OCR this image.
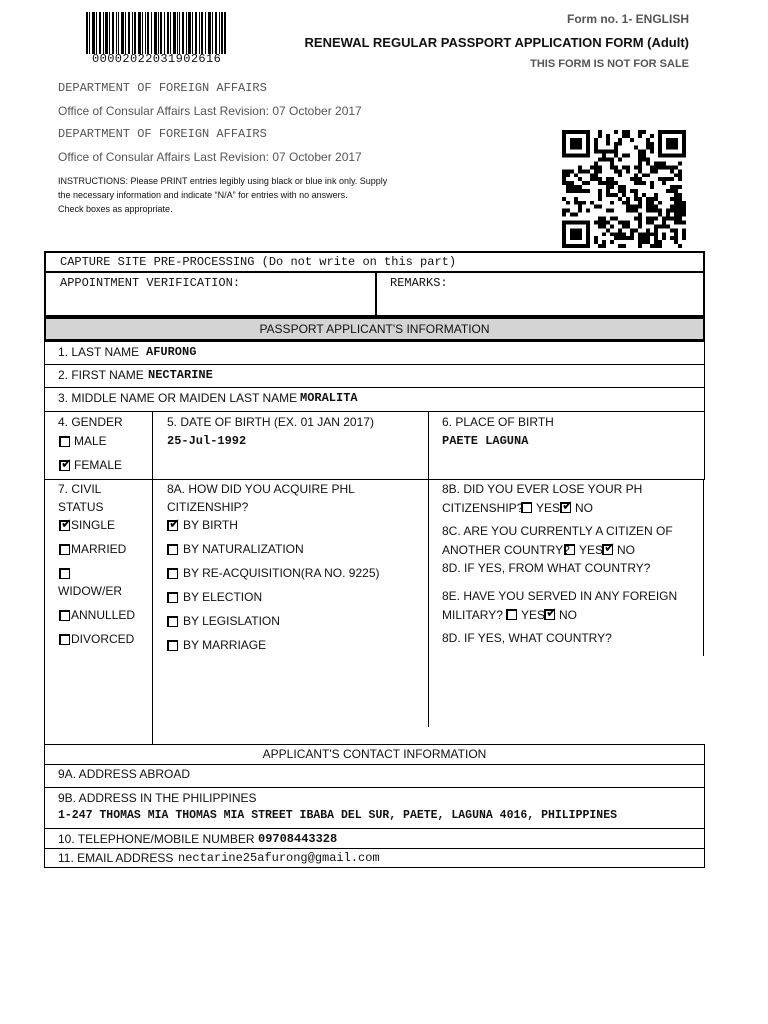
00002022031902616
Form no. 1- ENGLISH
RENEWAL REGULAR PASSPORT APPLICATION FORM (Adult)
THIS FORM IS NOT FOR SALE
DEPARTMENT OF FOREIGN AFFAIRS
Office of Consular Affairs Last Revision: 07 October 2017
DEPARTMENT OF FOREIGN AFFAIRS
Office of Consular Affairs Last Revision: 07 October 2017
INSTRUCTIONS: Please PRINT entries legibly using black or blue ink only. Supply
the necessary information and indicate “N/A” for entries with no answers.
Check boxes as appropriate.
CAPTURE SITE PRE-PROCESSING (Do not write on this part)
APPOINTMENT VERIFICATION:	REMARKS:
PASSPORT APPLICANT'S INFORMATION
1. LAST NAME AFURONG
2. FIRST NAME NECTARINE
3. MIDDLE NAME OR MAIDEN LAST NAME MORALITA
4. GENDER
MALE
✔
FEMALE
5. DATE OF BIRTH (EX. 01 JAN 2017)
25-Jul-1992
6. PLACE OF BIRTH
PAETE LAGUNA
7. CIVIL
STATUS
✔
SINGLE
MARRIED
WIDOW/ER
ANNULLED
DIVORCED
8A. HOW DID YOU ACQUIRE PHL
CITIZENSHIP?
✔
BY BIRTH
BY NATURALIZATION
BY RE-ACQUISITION(RA NO. 9225)
BY ELECTION
BY LEGISLATION
BY MARRIAGE
8B. DID YOU EVER LOSE YOUR PH
CITIZENSHIP? YES ✔ NO
8C. ARE YOU CURRENTLY A CITIZEN OF
ANOTHER COUNTRY? YES ✔ NO
8D. IF YES, FROM WHAT COUNTRY?
8E. HAVE YOU SERVED IN ANY FOREIGN
MILITARY? YES ✔ NO
8D. IF YES, WHAT COUNTRY?
APPLICANT'S CONTACT INFORMATION
9A. ADDRESS ABROAD
9B. ADDRESS IN THE PHILIPPINES
1-247 THOMAS MIA THOMAS MIA STREET IBABA DEL SUR, PAETE, LAGUNA 4016, PHILIPPINES
10. TELEPHONE/MOBILE NUMBER 09708443328
11. EMAIL ADDRESS nectarine25afurong@gmail.com
